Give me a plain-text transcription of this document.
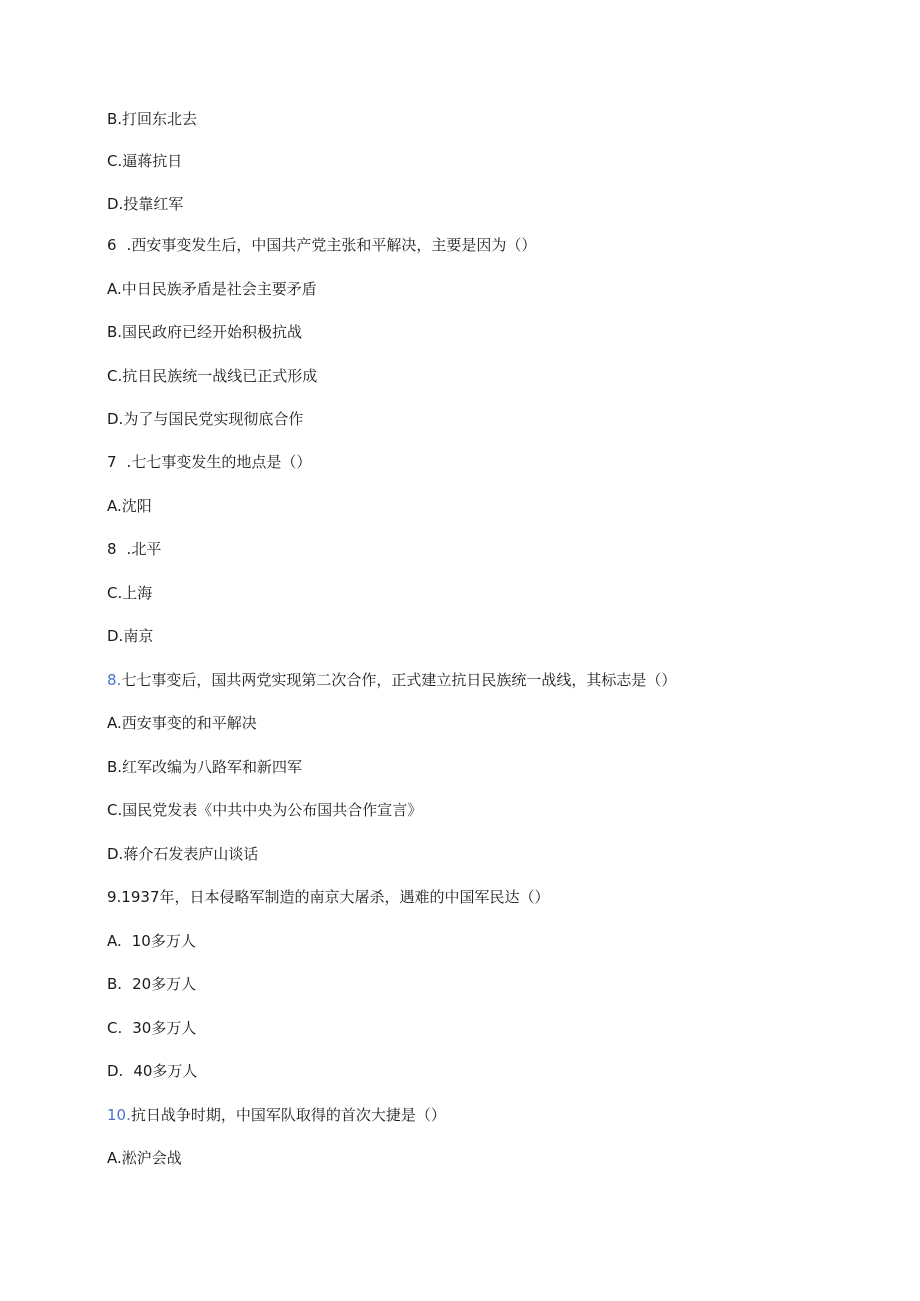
B.打回东北去
C.逼蒋抗日
D.投靠红军
6 .西安事变发生后，中国共产党主张和平解决，主要是因为（）
A.中日民族矛盾是社会主要矛盾
B.国民政府已经开始积极抗战
C.抗日民族统一战线已正式形成
D.为了与国民党实现彻底合作
7 .七七事变发生的地点是（）
A.沈阳
8 .北平
C.上海
D.南京
8.七七事变后，国共两党实现第二次合作，正式建立抗日民族统一战线，其标志是（）
A.西安事变的和平解决
B.红军改编为八路军和新四军
C.国民党发表《中共中央为公布国共合作宣言》
D.蒋介石发表庐山谈话
9.1937年，日本侵略军制造的南京大屠杀，遇难的中国军民达（）
A. 10多万人
B. 20多万人
C. 30多万人
D. 40多万人
10.抗日战争时期，中国军队取得的首次大捷是（）
A.淞沪会战
